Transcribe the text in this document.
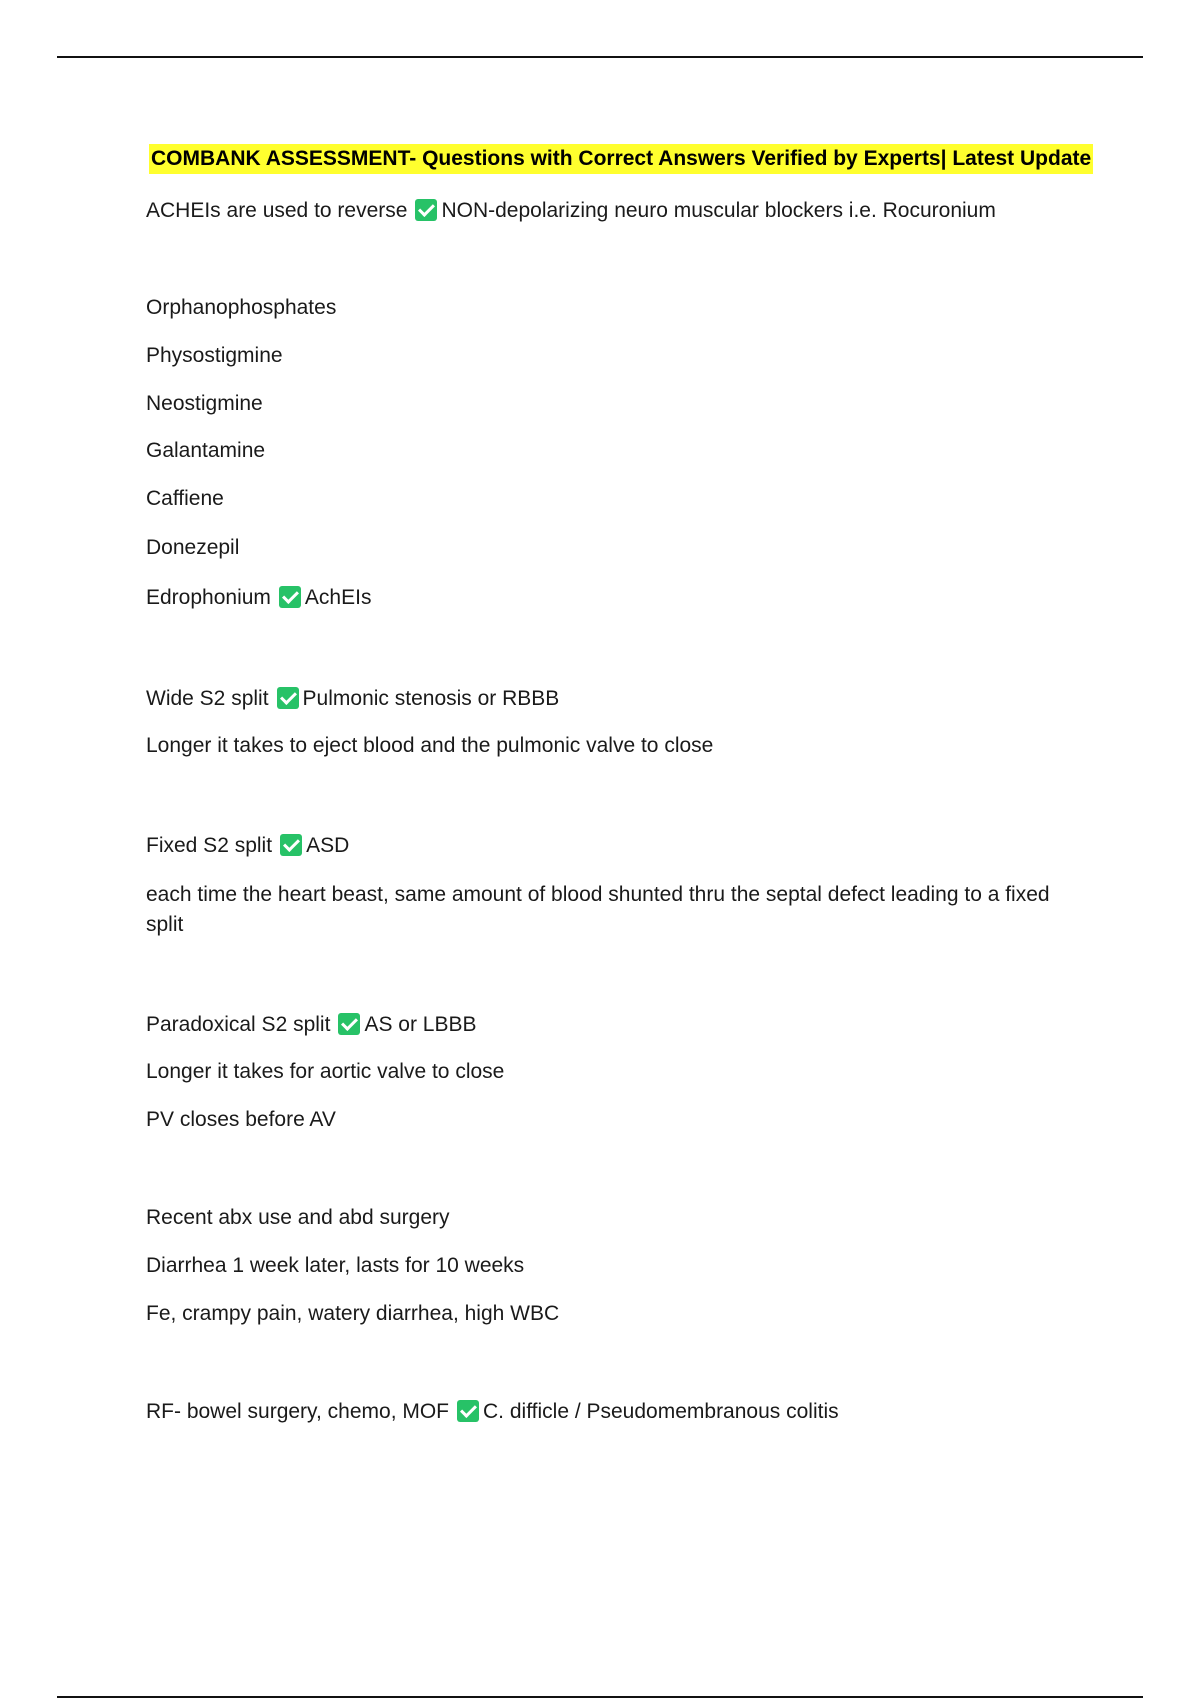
COMBANK ASSESSMENT- Questions with Correct Answers Verified by Experts| Latest Update
ACHEIs are used to reverse NON-depolarizing neuro muscular blockers i.e. Rocuronium
Orphanophosphates
Physostigmine
Neostigmine
Galantamine
Caffiene
Donezepil
Edrophonium AchEIs
Wide S2 split Pulmonic stenosis or RBBB
Longer it takes to eject blood and the pulmonic valve to close
Fixed S2 split ASD
each time the heart beast, same amount of blood shunted thru the septal defect leading to a fixed split
Paradoxical S2 split AS or LBBB
Longer it takes for aortic valve to close
PV closes before AV
Recent abx use and abd surgery
Diarrhea 1 week later, lasts for 10 weeks
Fe, crampy pain, watery diarrhea, high WBC
RF- bowel surgery, chemo, MOF C. difficle / Pseudomembranous colitis
